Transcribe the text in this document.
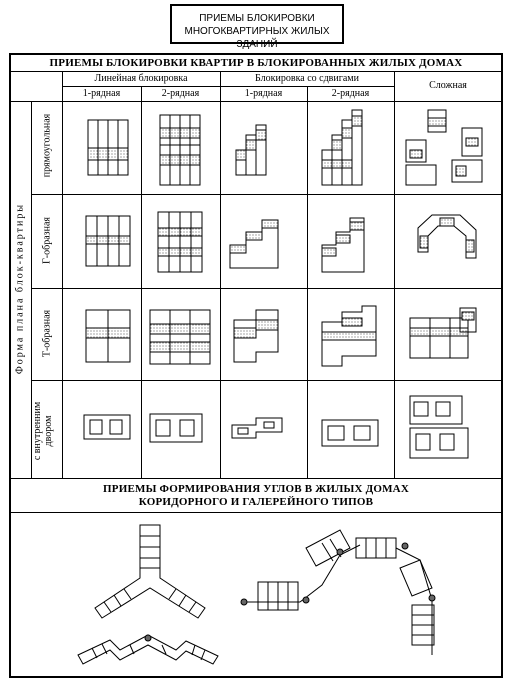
ПРИЕМЫ БЛОКИРОВКИ
МНОГОКВАРТИРНЫХ ЖИЛЫХ ЗДАНИЙ
ПРИЕМЫ БЛОКИРОВКИ КВАРТИР В БЛОКИРОВАННЫХ ЖИЛЫХ ДОМАХ
Линейная блокировка	Блокировка со сдвигами
Сложная
1-рядная	2-рядная	1-рядная	2-рядная
Форма плана блок-квартиры
прямоугольная
Г-образная
Т-образная
с внутренним двором
ПРИЕМЫ ФОРМИРОВАНИЯ УГЛОВ В ЖИЛЫХ ДОМАХ
КОРИДОРНОГО И ГАЛЕРЕЙНОГО ТИПОВ
